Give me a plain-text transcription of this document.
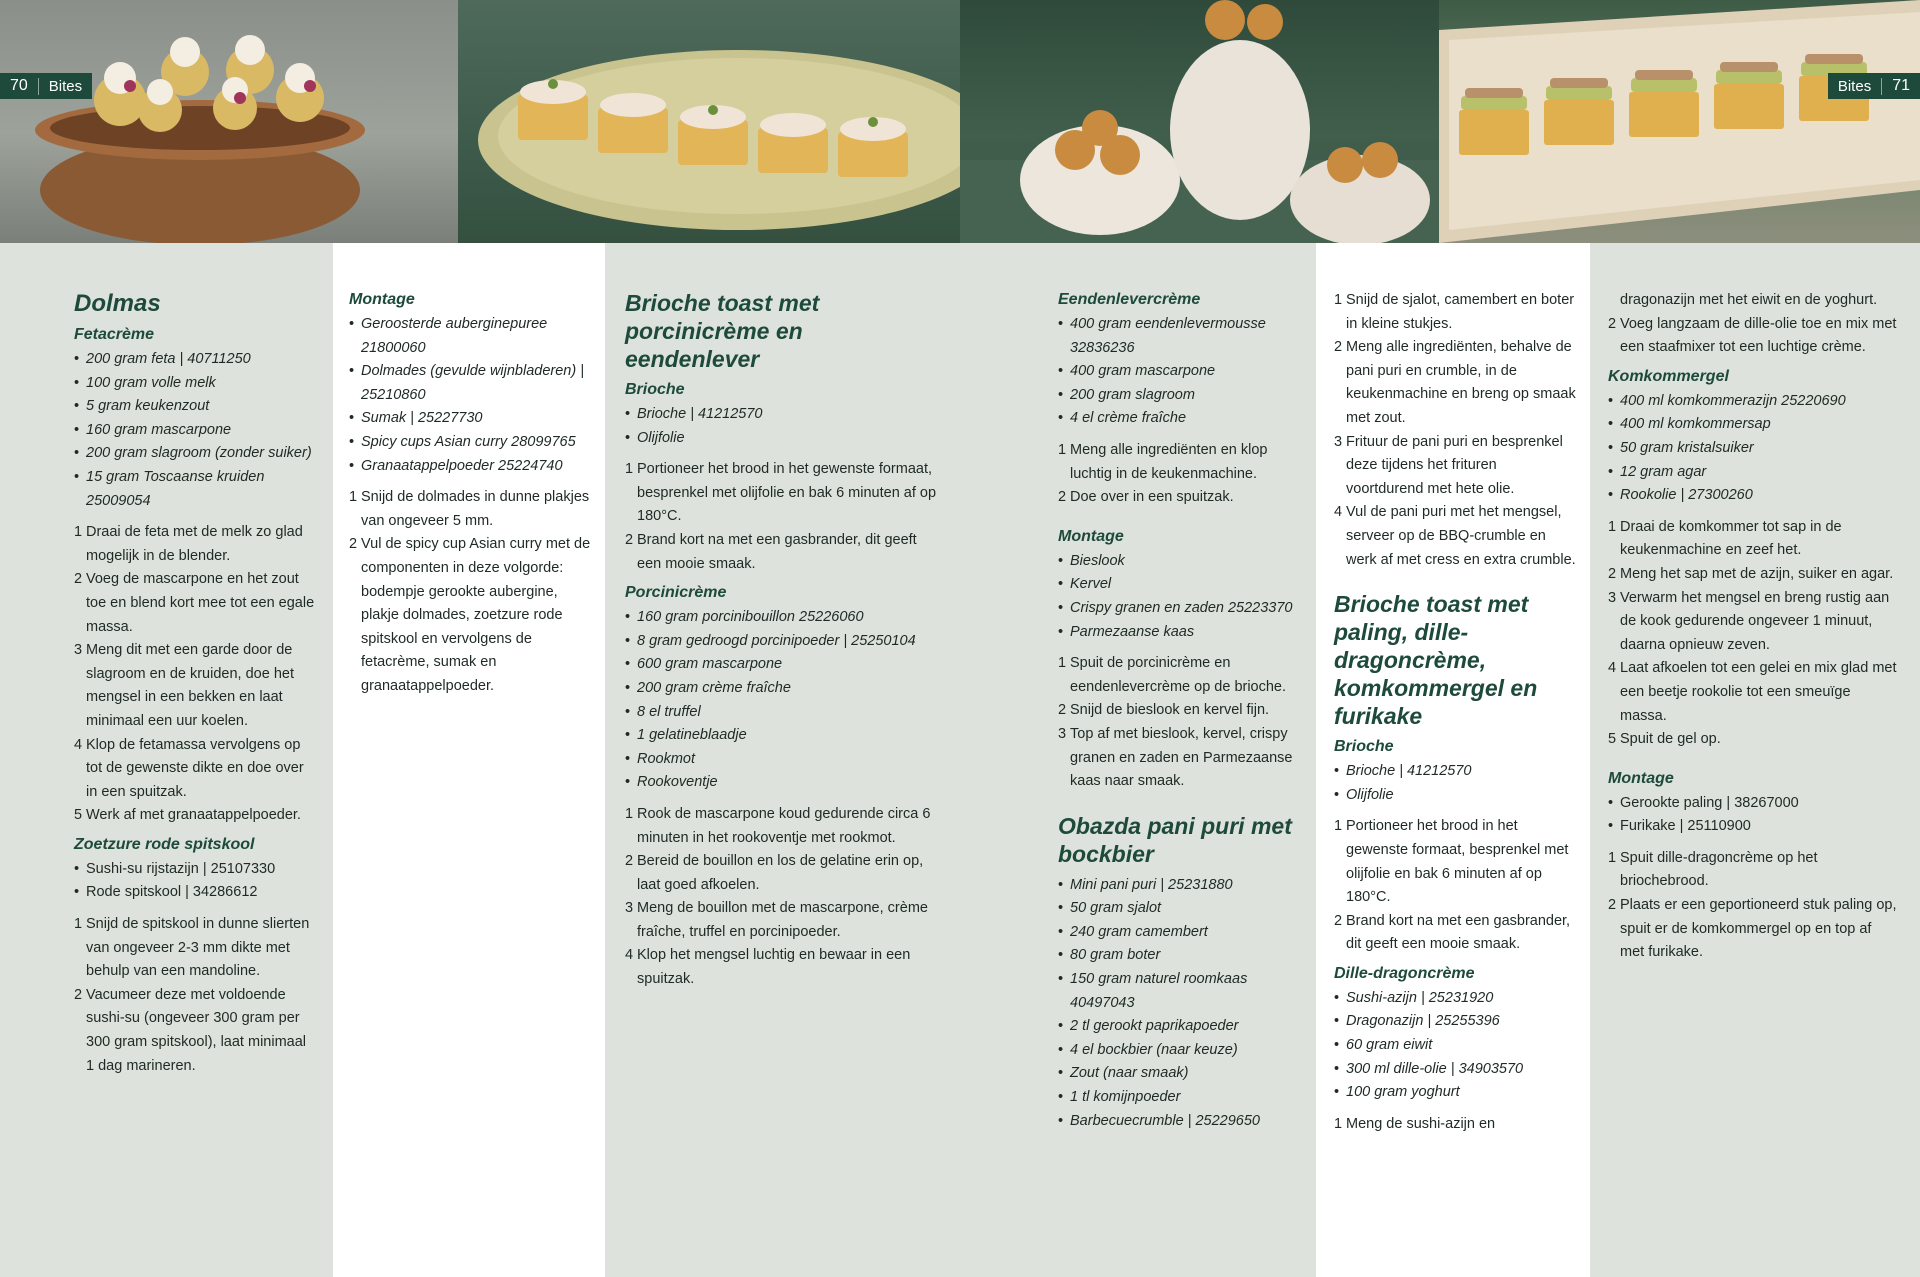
70	Bites	71
Bites
Dolmas
Fetacrème
• 200 gram feta | 40711250
• 100 gram volle melk
• 5 gram keukenzout
• 160 gram mascarpone
• 200 gram slagroom (zonder suiker)
• 15 gram Toscaanse kruiden 25009054
1 Draai de feta met de melk zo glad mogelijk in de blender.
2 Voeg de mascarpone en het zout toe en blend kort mee tot een egale massa.
3 Meng dit met een garde door de slagroom en de kruiden, doe het mengsel in een bekken en laat minimaal een uur koelen.
4 Klop de fetamassa vervolgens op tot de gewenste dikte en doe over in een spuitzak.
5 Werk af met granaatappelpoeder.
Zoetzure rode spitskool
• Sushi-su rijstazijn | 25107330
• Rode spitskool | 34286612
1 Snijd de spitskool in dunne slierten van ongeveer 2-3 mm dikte met behulp van een mandoline.
2 Vacumeer deze met voldoende sushi-su (ongeveer 300 gram per 300 gram spitskool), laat minimaal 1 dag marineren.
Montage
• Geroosterde auberginepuree 21800060
• Dolmades (gevulde wijnbladeren) | 25210860
• Sumak | 25227730
• Spicy cups Asian curry 28099765
• Granaatappelpoeder 25224740
1 Snijd de dolmades in dunne plakjes van ongeveer 5 mm.
2 Vul de spicy cup Asian curry met de componenten in deze volgorde: bodempje gerookte aubergine, plakje dolmades, zoetzure rode spitskool en vervolgens de fetacrème, sumak en granaatappelpoeder.
Brioche toast met porcinicrème en eendenlever
Brioche
• Brioche | 41212570
• Olijfolie
1 Portioneer het brood in het gewenste formaat, besprenkel met olijfolie en bak 6 minuten af op 180°C.
2 Brand kort na met een gasbrander, dit geeft een mooie smaak.
Porcinicrème
• 160 gram porcinibouillon 25226060
• 8 gram gedroogd porcinipoeder | 25250104
• 600 gram mascarpone
• 200 gram crème fraîche
• 8 el truffel
• 1 gelatineblaadje
• Rookmot
• Rookoventje
1 Rook de mascarpone koud gedurende circa 6 minuten in het rookoventje met rookmot.
2 Bereid de bouillon en los de gelatine erin op, laat goed afkoelen.
3 Meng de bouillon met de mascarpone, crème fraîche, truffel en porcinipoeder.
4 Klop het mengsel luchtig en bewaar in een spuitzak.
Eendenlevercrème
• 400 gram eendenlevermousse 32836236
• 400 gram mascarpone
• 200 gram slagroom
• 4 el crème fraîche
1 Meng alle ingrediënten en klop luchtig in de keukenmachine.
2 Doe over in een spuitzak.
Montage
• Bieslook
• Kervel
• Crispy granen en zaden 25223370
• Parmezaanse kaas
1 Spuit de porcinicrème en eendenlevercrème op de brioche.
2 Snijd de bieslook en kervel fijn.
3 Top af met bieslook, kervel, crispy granen en zaden en Parmezaanse kaas naar smaak.
Obazda pani puri met bockbier
• Mini pani puri | 25231880
• 50 gram sjalot
• 240 gram camembert
• 80 gram boter
• 150 gram naturel roomkaas 40497043
• 2 tl gerookt paprikapoeder
• 4 el bockbier (naar keuze)
• Zout (naar smaak)
• 1 tl komijnpoeder
• Barbecuecrumble | 25229650
1 Snijd de sjalot, camembert en boter in kleine stukjes.
2 Meng alle ingrediënten, behalve de pani puri en crumble, in de keukenmachine en breng op smaak met zout.
3 Frituur de pani puri en besprenkel deze tijdens het frituren voortdurend met hete olie.
4 Vul de pani puri met het mengsel, serveer op de BBQ-crumble en werk af met cress en extra crumble.
Brioche toast met paling, dille-dragoncrème, komkommergel en furikake
Brioche
• Brioche | 41212570
• Olijfolie
1 Portioneer het brood in het gewenste formaat, besprenkel met olijfolie en bak 6 minuten af op 180°C.
2 Brand kort na met een gasbrander, dit geeft een mooie smaak.
Dille-dragoncrème
• Sushi-azijn | 25231920
• Dragonazijn | 25255396
• 60 gram eiwit
• 300 ml dille-olie | 34903570
• 100 gram yoghurt
1 Meng de sushi-azijn en
dragonazijn met het eiwit en de yoghurt.
2 Voeg langzaam de dille-olie toe en mix met een staafmixer tot een luchtige crème.
Komkommergel
• 400 ml komkommerazijn 25220690
• 400 ml komkommersap
• 50 gram kristalsuiker
• 12 gram agar
• Rookolie | 27300260
1 Draai de komkommer tot sap in de keukenmachine en zeef het.
2 Meng het sap met de azijn, suiker en agar.
3 Verwarm het mengsel en breng rustig aan de kook gedurende ongeveer 1 minuut, daarna opnieuw zeven.
4 Laat afkoelen tot een gelei en mix glad met een beetje rookolie tot een smeuïge massa.
5 Spuit de gel op.
Montage
• Gerookte paling | 38267000
• Furikake | 25110900
1 Spuit dille-dragoncrème op het briochebrood.
2 Plaats er een geportioneerd stuk paling op, spuit er de komkommergel op en top af met furikake.
